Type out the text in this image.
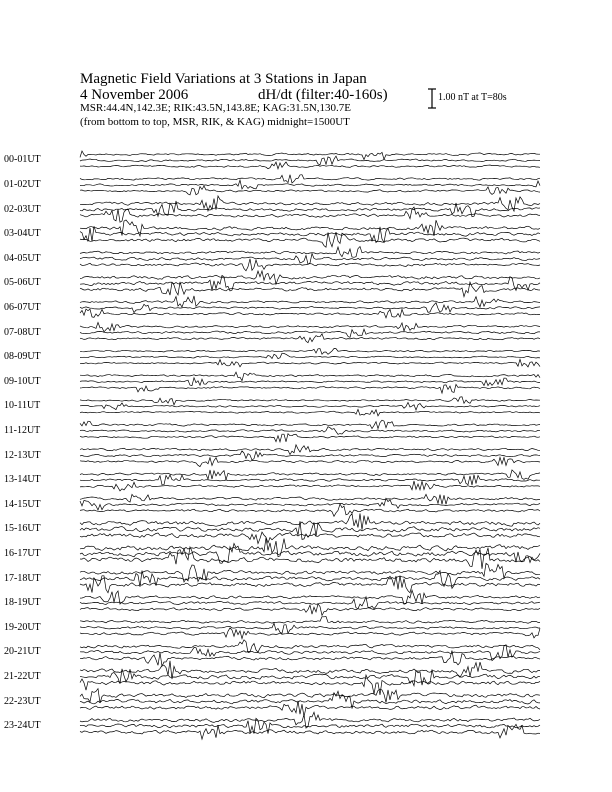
Magnetic Field Variations at 3 Stations in Japan
4 November 2006	dH/dt (filter:40-160s)
MSR:44.4N,142.3E; RIK:43.5N,143.8E; KAG:31.5N,130.7E
(from bottom to top, MSR, RIK, & KAG) midnight=1500UT
1.00 nT at T=80s
00-01UT
01-02UT
02-03UT
03-04UT
04-05UT
05-06UT
06-07UT
07-08UT
08-09UT
09-10UT
10-11UT
11-12UT
12-13UT
13-14UT
14-15UT
15-16UT
16-17UT
17-18UT
18-19UT
19-20UT
20-21UT
21-22UT
22-23UT
23-24UT
